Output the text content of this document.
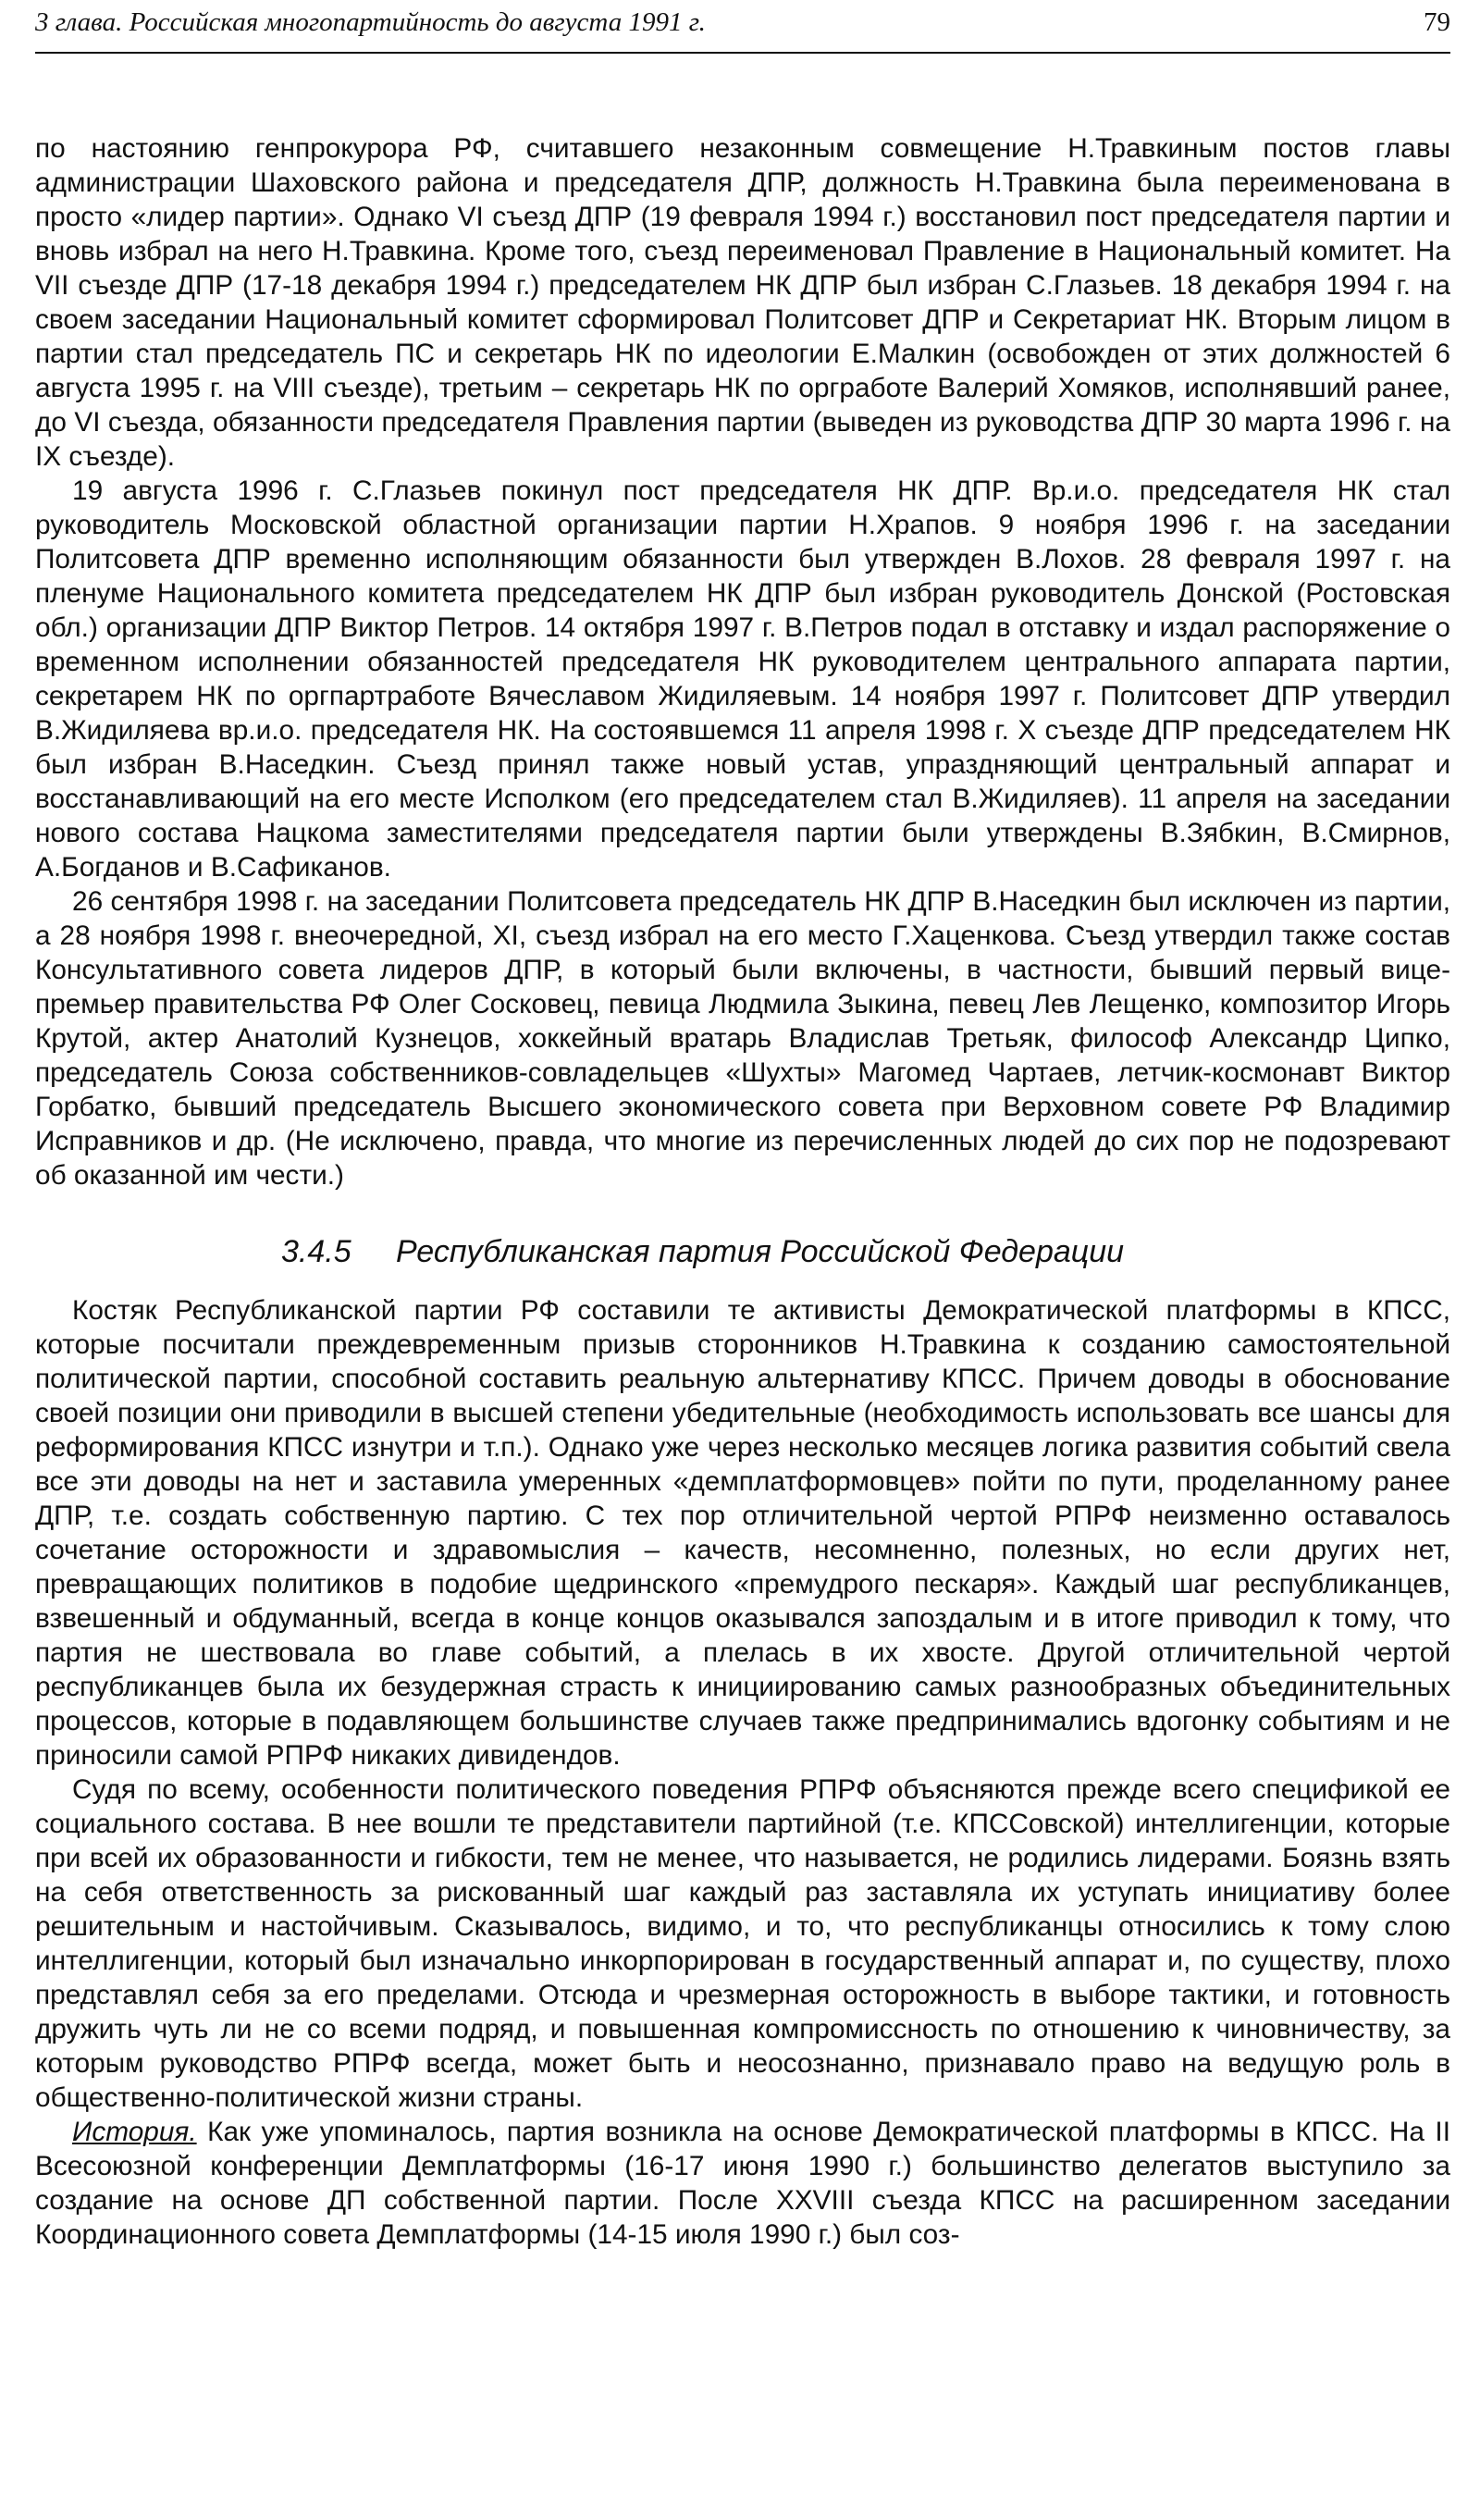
3 глава. Российская многопартийность до августа 1991 г.	79

по настоянию генпрокурора РФ, считавшего незаконным совмещение Н.Травкиным постов главы администрации Шаховского района и председателя ДПР, должность Н.Травкина была переименована в просто «лидер партии». Однако VI съезд ДПР (19 февраля 1994 г.) восстановил пост председателя партии и вновь избрал на него Н.Травкина. Кроме того, съезд переименовал Правление в Национальный комитет. На VII съезде ДПР (17-18 декабря 1994 г.) председателем НК ДПР был избран С.Глазьев. 18 декабря 1994 г. на своем заседании Национальный комитет сформировал Политсовет ДПР и Секретариат НК. Вторым лицом в партии стал председатель ПС и секретарь НК по идеологии Е.Малкин (освобожден от этих должностей 6 августа 1995 г. на VIII съезде), третьим – секретарь НК по оргработе Валерий Хомяков, исполнявший ранее, до VI съезда, обязанности председателя Правления партии (выведен из руководства ДПР 30 марта 1996 г. на IX съезде).

19 августа 1996 г. С.Глазьев покинул пост председателя НК ДПР. Вр.и.о. председателя НК стал руководитель Московской областной организации партии Н.Храпов. 9 ноября 1996 г. на заседании Политсовета ДПР временно исполняющим обязанности был утвержден В.Лохов. 28 февраля 1997 г. на пленуме Национального комитета председателем НК ДПР был избран руководитель Донской (Ростовская обл.) организации ДПР Виктор Петров. 14 октября 1997 г. В.Петров подал в отставку и издал распоряжение о временном исполнении обязанностей председателя НК руководителем центрального аппарата партии, секретарем НК по оргпартработе Вячеславом Жидиляевым. 14 ноября 1997 г. Политсовет ДПР утвердил В.Жидиляева вр.и.о. председателя НК. На состоявшемся 11 апреля 1998 г. X съезде ДПР председателем НК был избран В.Наседкин. Съезд принял также новый устав, упраздняющий центральный аппарат и восстанавливающий на его месте Исполком (его председателем стал В.Жидиляев). 11 апреля на заседании нового состава Нацкома заместителями председателя партии были утверждены В.Зябкин, В.Смирнов, А.Богданов и В.Сафиканов.

26 сентября 1998 г. на заседании Политсовета председатель НК ДПР В.Наседкин был исключен из партии, а 28 ноября 1998 г. внеочередной, XI, съезд избрал на его место Г.Хаценкова. Съезд утвердил также состав Консультативного совета лидеров ДПР, в который были включены, в частности, бывший первый вице-премьер правительства РФ Олег Сосковец, певица Людмила Зыкина, певец Лев Лещенко, композитор Игорь Крутой, актер Анатолий Кузнецов, хоккейный вратарь Владислав Третьяк, философ Александр Ципко, председатель Союза собственников-совладельцев «Шухты» Магомед Чартаев, летчик-космонавт Виктор Горбатко, бывший председатель Высшего экономического совета при Верховном совете РФ Владимир Исправников и др. (Не исключено, правда, что многие из перечисленных людей до сих пор не подозревают об оказанной им чести.)

3.4.5 Республиканская партия Российской Федерации

Костяк Республиканской партии РФ составили те активисты Демократической платформы в КПСС, которые посчитали преждевременным призыв сторонников Н.Травкина к созданию самостоятельной политической партии, способной составить реальную альтернативу КПСС. Причем доводы в обоснование своей позиции они приводили в высшей степени убедительные (необходимость использовать все шансы для реформирования КПСС изнутри и т.п.). Однако уже через несколько месяцев логика развития событий свела все эти доводы на нет и заставила умеренных «демплатформовцев» пойти по пути, проделанному ранее ДПР, т.е. создать собственную партию. С тех пор отличительной чертой РПРФ неизменно оставалось сочетание осторожности и здравомыслия – качеств, несомненно, полезных, но если других нет, превращающих политиков в подобие щедринского «премудрого пескаря». Каждый шаг республиканцев, взвешенный и обдуманный, всегда в конце концов оказывался запоздалым и в итоге приводил к тому, что партия не шествовала во главе событий, а плелась в их хвосте. Другой отличительной чертой республиканцев была их безудержная страсть к инициированию самых разнообразных объединительных процессов, которые в подавляющем большинстве случаев также предпринимались вдогонку событиям и не приносили самой РПРФ никаких дивидендов.

Судя по всему, особенности политического поведения РПРФ объясняются прежде всего спецификой ее социального состава. В нее вошли те представители партийной (т.е. КПССовской) интеллигенции, которые при всей их образованности и гибкости, тем не менее, что называется, не родились лидерами. Боязнь взять на себя ответственность за рискованный шаг каждый раз заставляла их уступать инициативу более решительным и настойчивым. Сказывалось, видимо, и то, что республиканцы относились к тому слою интеллигенции, который был изначально инкорпорирован в государственный аппарат и, по существу, плохо представлял себя за его пределами. Отсюда и чрезмерная осторожность в выборе тактики, и готовность дружить чуть ли не со всеми подряд, и повышенная компромиссность по отношению к чиновничеству, за которым руководство РПРФ всегда, может быть и неосознанно, признавало право на ведущую роль в общественно-политической жизни страны.

История. Как уже упоминалось, партия возникла на основе Демократической платформы в КПСС. На II Всесоюзной конференции Демплатформы (16-17 июня 1990 г.) большинство делегатов выступило за создание на основе ДП собственной партии. После XXVIII съезда КПСС на расширенном заседании Координационного совета Демплатформы (14-15 июля 1990 г.) был соз-
